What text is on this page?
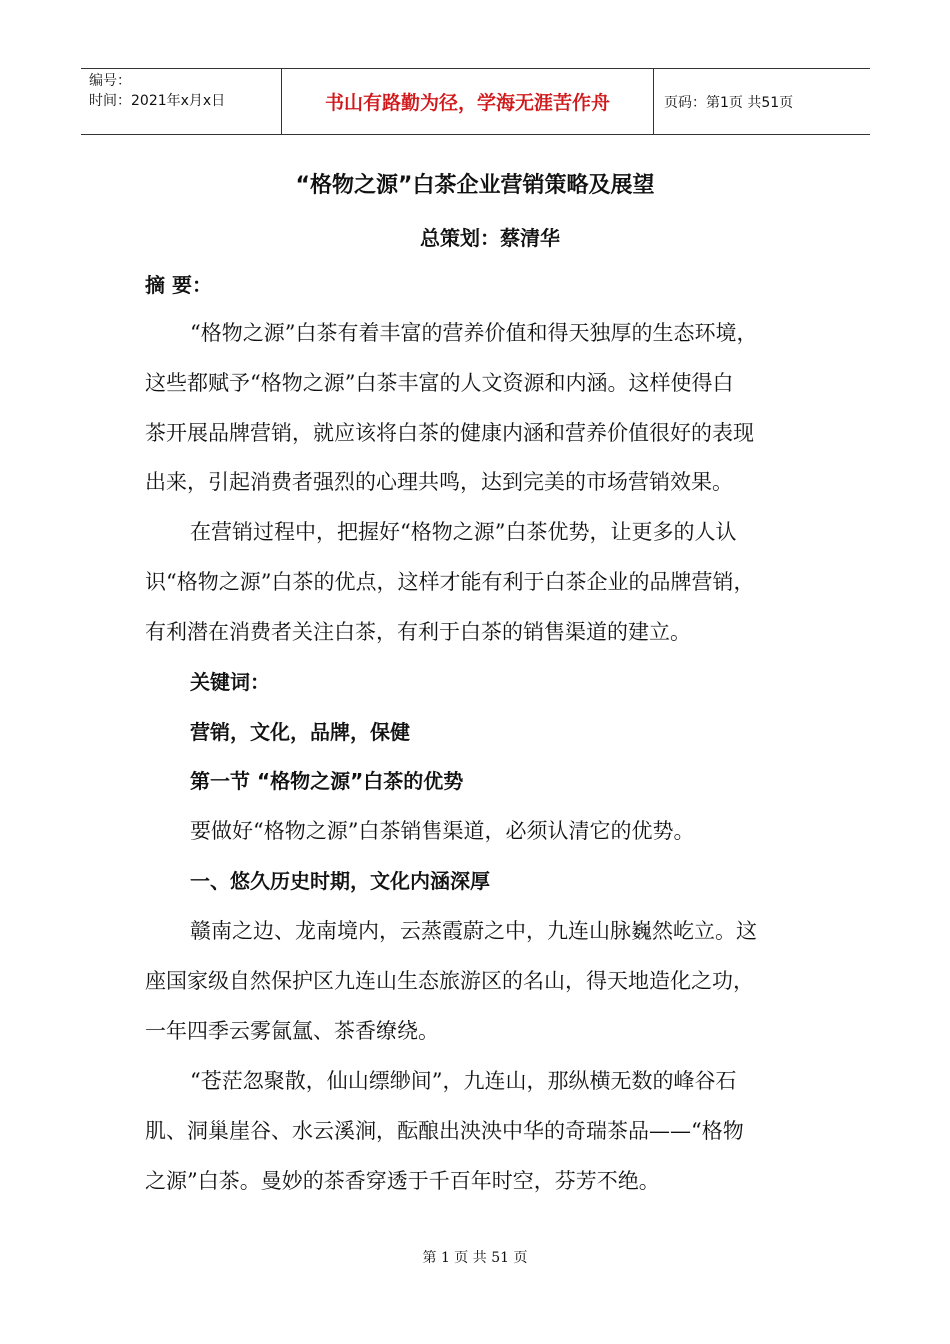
编号：
时间：2021年x月x日	书山有路勤为径，学海无涯苦作舟	页码：第1页 共51页
“格物之源”白茶企业营销策略及展望
总策划：蔡清华
摘 要：
“格物之源”白茶有着丰富的营养价值和得天独厚的生态环境，
这些都赋予“格物之源”白茶丰富的人文资源和内涵。这样使得白
茶开展品牌营销，就应该将白茶的健康内涵和营养价值很好的表现
出来，引起消费者强烈的心理共鸣，达到完美的市场营销效果。
在营销过程中，把握好“格物之源”白茶优势，让更多的人认
识“格物之源”白茶的优点，这样才能有利于白茶企业的品牌营销，
有利潜在消费者关注白茶，有利于白茶的销售渠道的建立。
关键词：
营销，文化，品牌，保健
第一节 “格物之源”白茶的优势
要做好“格物之源”白茶销售渠道，必须认清它的优势。
一、悠久历史时期，文化内涵深厚
赣南之边、龙南境内，云蒸霞蔚之中，九连山脉巍然屹立。这
座国家级自然保护区九连山生态旅游区的名山，得天地造化之功，
一年四季云雾氤氲、茶香缭绕。
“苍茫忽聚散，仙山缥缈间”，九连山，那纵横无数的峰谷石
肌、洞巢崖谷、水云溪涧，酝酿出泱泱中华的奇瑞茶品——“格物
之源”白茶。曼妙的茶香穿透于千百年时空，芬芳不绝。
第 1 页 共 51 页
